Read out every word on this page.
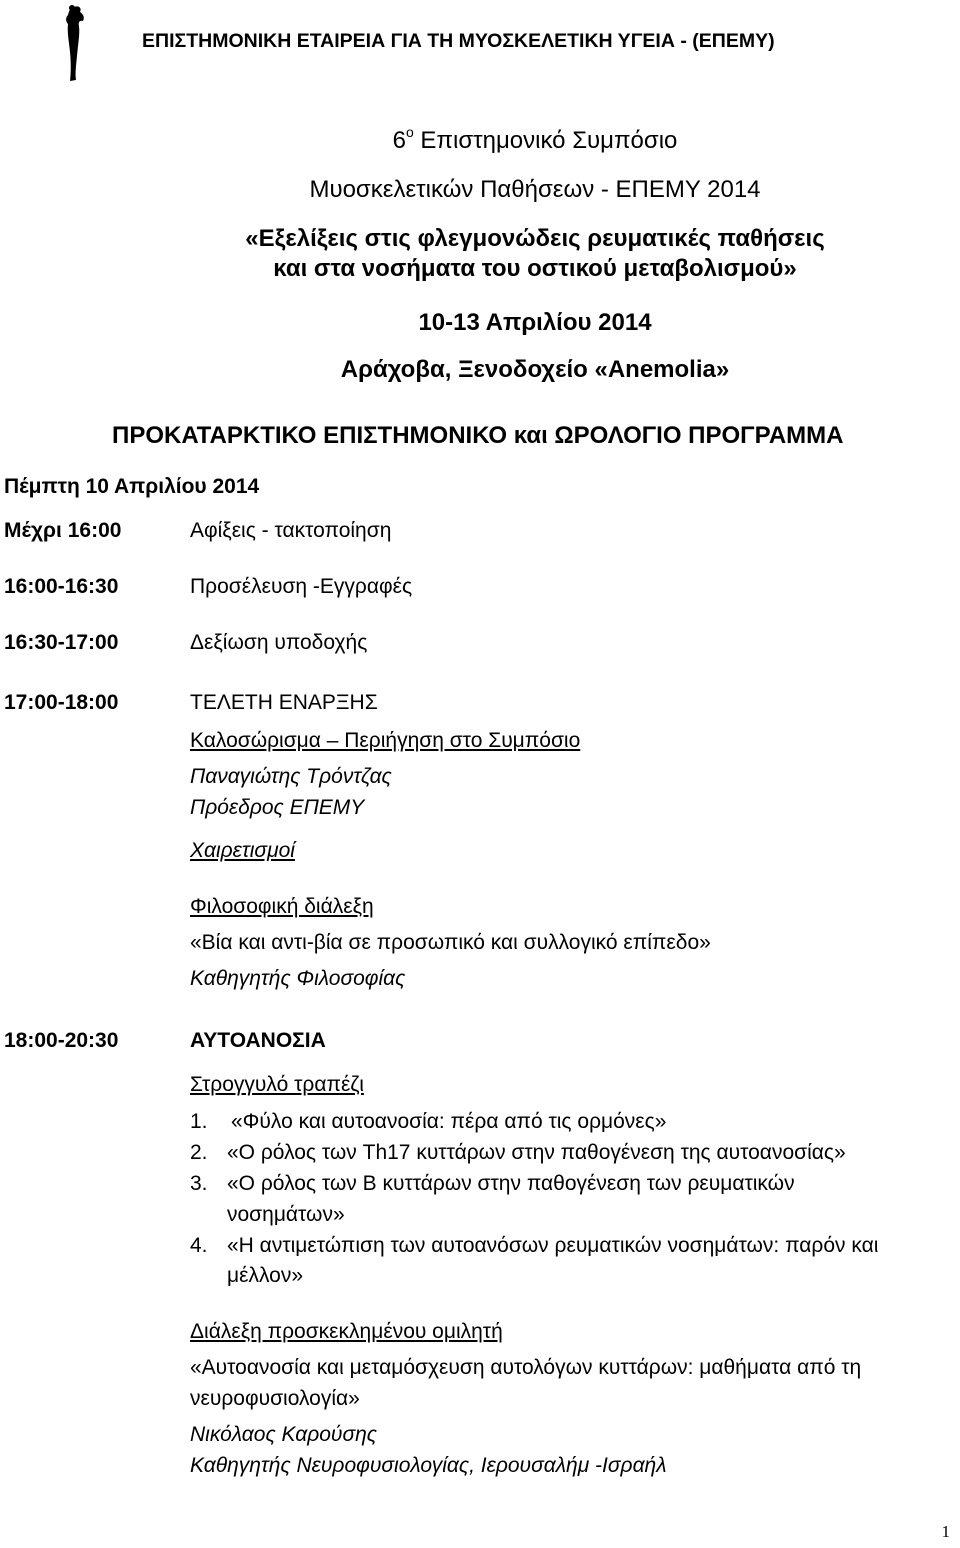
ΕΠΙΣΤΗΜΟΝΙΚΗ ΕΤΑΙΡΕΙΑ ΓΙΑ ΤΗ ΜΥΟΣΚΕΛΕΤΙΚΗ ΥΓΕΙΑ - (ΕΠΕΜΥ)
$6^o$ Επιστημονικό Συμπόσιο
Μυοσκελετικών Παθήσεων - ΕΠΕΜΥ 2014
«Εξελίξεις στις φλεγμονώδεις ρευματικές παθήσεις
και στα νοσήματα του οστικού μεταβολισμού»
10-13 Απριλίου 2014
Αράχοβα, Ξενοδοχείο «Anemolia»
ΠΡΟΚΑΤΑΡΚΤΙΚΟ ΕΠΙΣΤΗΜΟΝΙΚΟ και ΩΡΟΛΟΓΙΟ ΠΡΟΓΡΑΜΜΑ
Πέμπτη 10 Απριλίου 2014
Μέχρι 16:00	Αφίξεις - τακτοποίηση
16:00-16:30	Προσέλευση -Εγγραφές
16:30-17:00	Δεξίωση υποδοχής
17:00-18:00	ΤΕΛΕΤΗ ΕΝΑΡΞΗΣ
Καλοσώρισμα – Περιήγηση στο Συμπόσιο
Παναγιώτης Τρόντζας
Πρόεδρος ΕΠΕΜΥ
Χαιρετισμοί
Φιλοσοφική διάλεξη
«Βία και αντι-βία σε προσωπικό και συλλογικό επίπεδο»
Καθηγητής Φιλοσοφίας
18:00-20:30	ΑΥΤΟΑΝΟΣΙΑ
Στρογγυλό τραπέζι
1. «Φύλο και αυτοανοσία: πέρα από τις ορμόνες»
2. «Ο ρόλος των Th17 κυττάρων στην παθογένεση της αυτοανοσίας»
3. «Ο ρόλος των Β κυττάρων στην παθογένεση των ρευματικών
νοσημάτων»
4. «Η αντιμετώπιση των αυτοανόσων ρευματικών νοσημάτων: παρόν και
μέλλον»
Διάλεξη προσκεκλημένου ομιλητή
«Αυτοανοσία και μεταμόσχευση αυτολόγων κυττάρων: μαθήματα από τη
νευροφυσιολογία»
Νικόλαος Καρούσης
Καθηγητής Νευροφυσιολογίας, Ιερουσαλήμ -Ισραήλ
1
